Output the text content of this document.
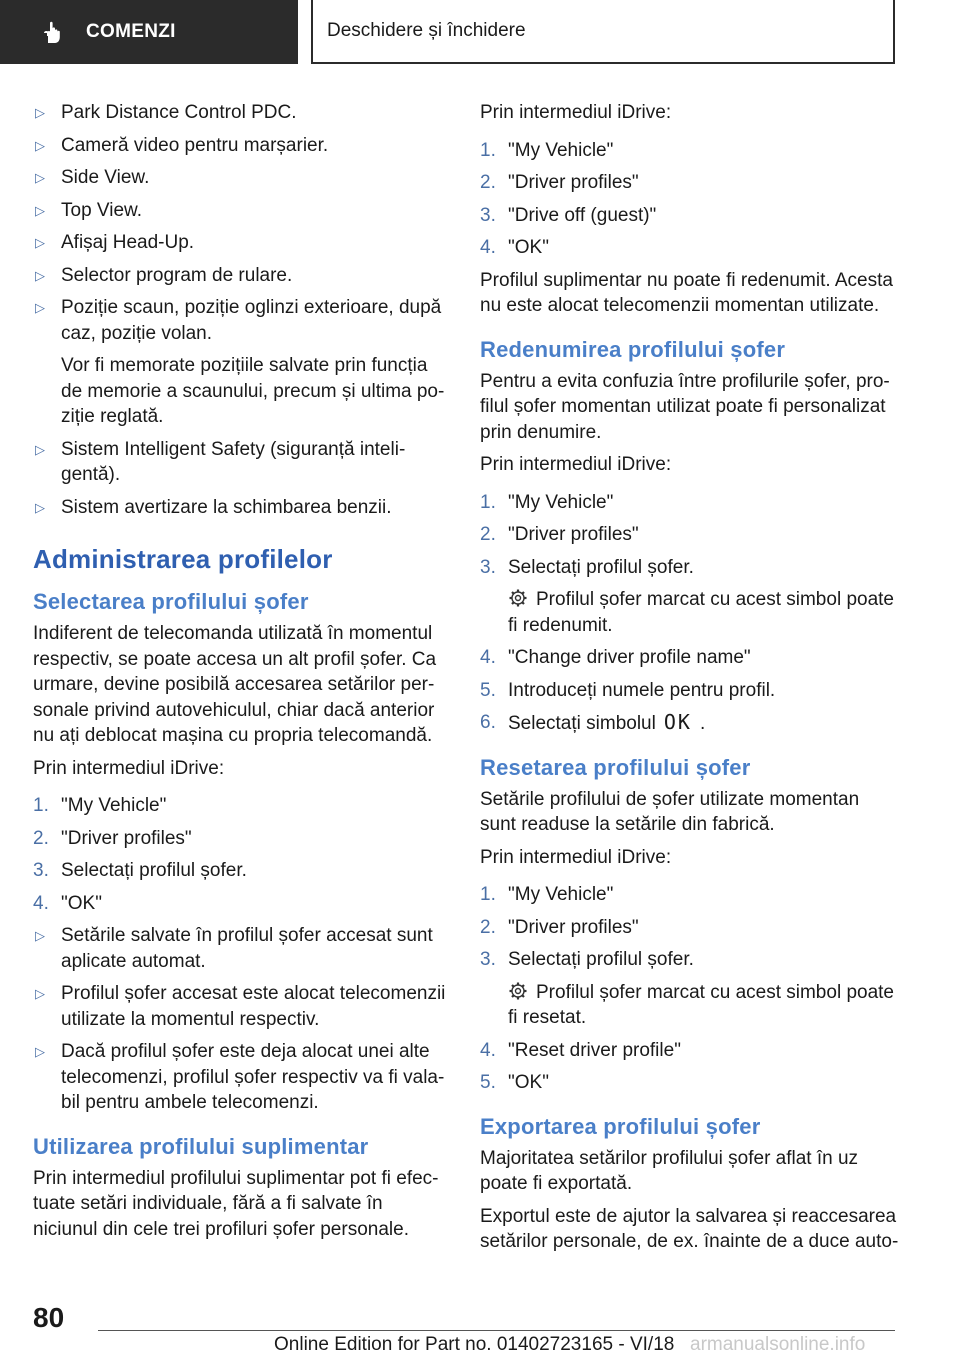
COMENZI	Deschidere și închidere
▷ Park Distance Control PDC.
▷ Cameră video pentru marșarier.
▷ Side View.
▷ Top View.
▷ Afișaj Head-Up.
▷ Selector program de rulare.
▷ Poziție scaun, poziție oglinzi exterioare, după caz, poziție volan.
Vor fi memorate pozițiile salvate prin funcția de memorie a scaunului, precum și ultima po-ziție reglată.
▷ Sistem Intelligent Safety (siguranță inteli-gentă).
▷ Sistem avertizare la schimbarea benzii.
Administrarea profilelor
Selectarea profilului șofer
Indiferent de telecomanda utilizată în momentul respectiv, se poate accesa un alt profil șofer. Ca urmare, devine posibilă accesarea setărilor per-sonale privind autovehiculul, chiar dacă anterior nu ați deblocat mașina cu propria telecomandă.
Prin intermediul iDrive:
1. "My Vehicle"
2. "Driver profiles"
3. Selectați profilul șofer.
4. "OK"
▷ Setările salvate în profilul șofer accesat sunt aplicate automat.
▷ Profilul șofer accesat este alocat telecomenzii utilizate la momentul respectiv.
▷ Dacă profilul șofer este deja alocat unei alte telecomenzi, profilul șofer respectiv va fi vala-bil pentru ambele telecomenzi.
Utilizarea profilului suplimentar
Prin intermediul profilului suplimentar pot fi efec-tuate setări individuale, fără a fi salvate în niciunul din cele trei profiluri șofer personale.
Prin intermediul iDrive:
1. "My Vehicle"
2. "Driver profiles"
3. "Drive off (guest)"
4. "OK"
Profilul suplimentar nu poate fi redenumit. Acesta nu este alocat telecomenzii momentan utilizate.
Redenumirea profilului șofer
Pentru a evita confuzia între profilurile șofer, pro-filul șofer momentan utilizat poate fi personalizat prin denumire.
Prin intermediul iDrive:
1. "My Vehicle"
2. "Driver profiles"
3. Selectați profilul șofer.
Profilul șofer marcat cu acest simbol poate fi redenumit.
4. "Change driver profile name"
5. Introduceți numele pentru profil.
6. Selectați simbolul OK .
Resetarea profilului șofer
Setările profilului de șofer utilizate momentan sunt readuse la setările din fabrică.
Prin intermediul iDrive:
1. "My Vehicle"
2. "Driver profiles"
3. Selectați profilul șofer.
Profilul șofer marcat cu acest simbol poate fi resetat.
4. "Reset driver profile"
5. "OK"
Exportarea profilului șofer
Majoritatea setărilor profilului șofer aflat în uz poate fi exportată.
Exportul este de ajutor la salvarea și reaccesarea setărilor personale, de ex. înainte de a duce auto-
80
Online Edition for Part no. 01402723165 - VI/18 armanualsonline.info
